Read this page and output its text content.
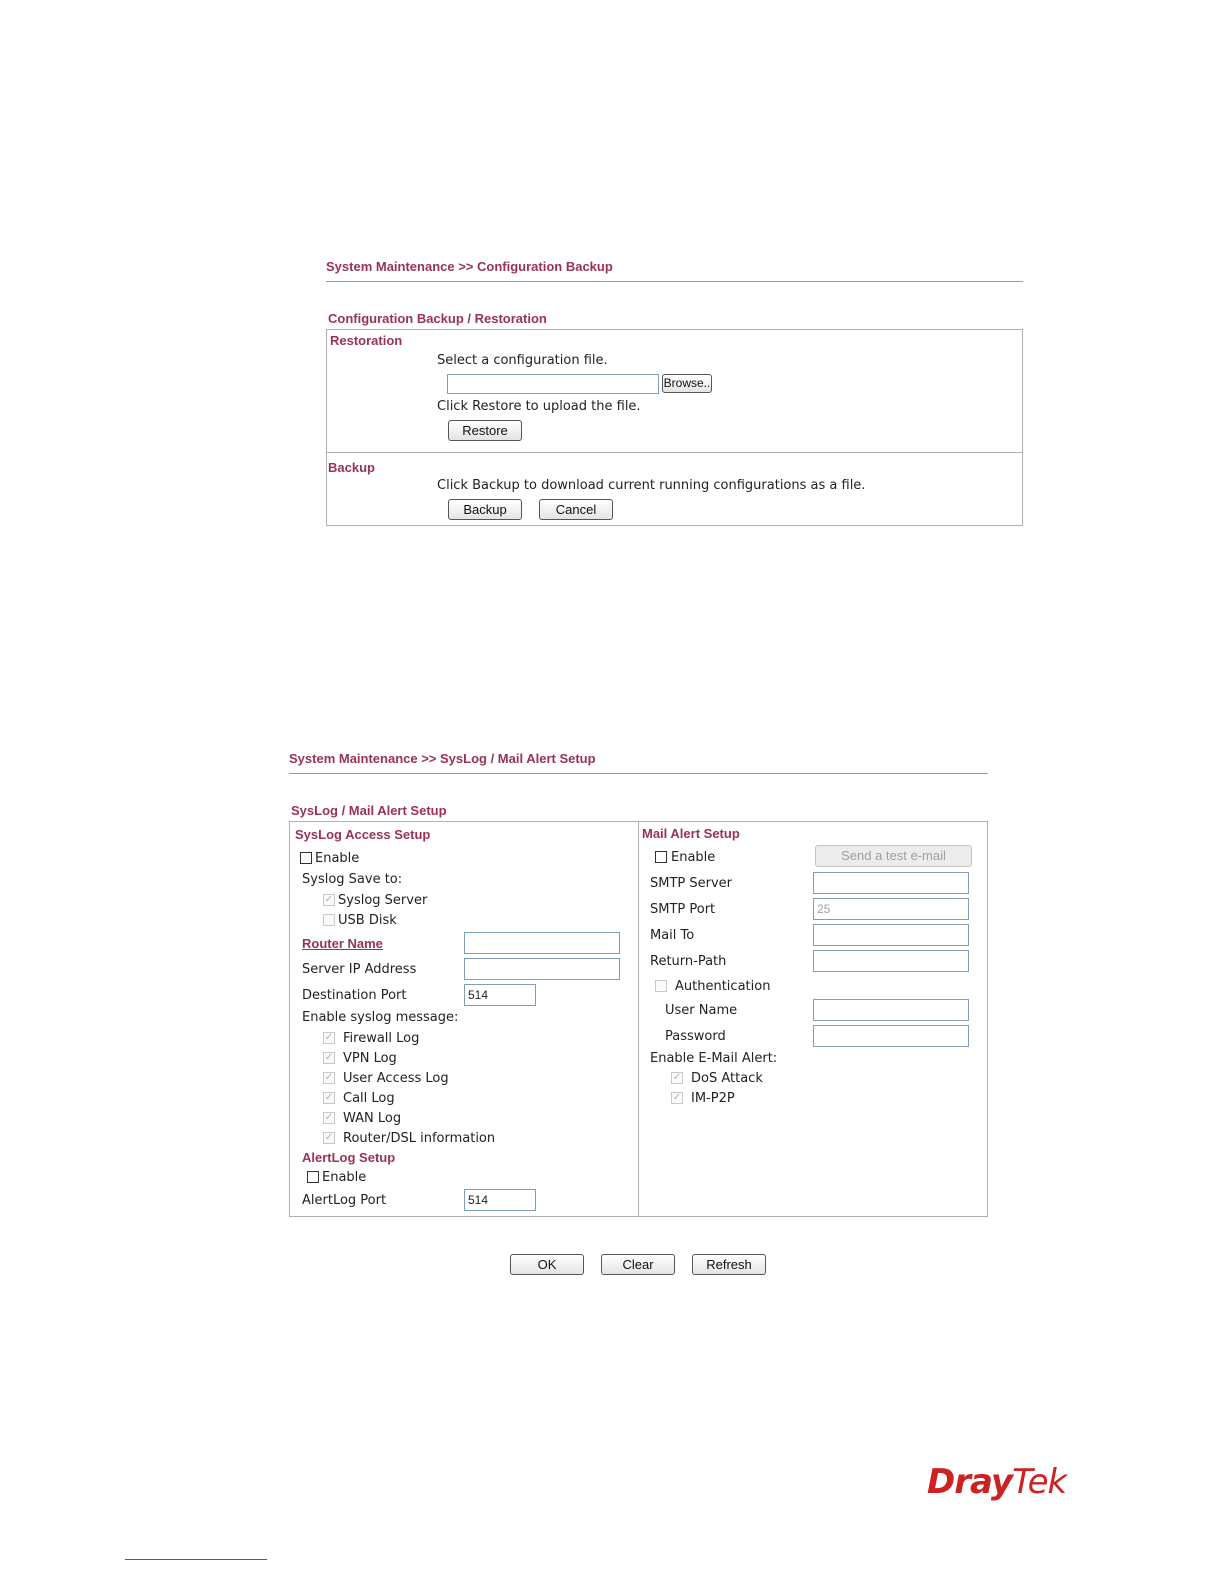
System Maintenance >> Configuration Backup
Configuration Backup / Restoration
Restoration
Select a configuration file.
Browse..
Click Restore to upload the file.
Restore
Backup
Click Backup to download current running configurations as a file.
Backup	Cancel
System Maintenance >> SysLog / Mail Alert Setup
SysLog / Mail Alert Setup
SysLog Access Setup
Enable
Syslog Save to:
✓ Syslog Server
USB Disk
Router Name
Server IP Address
Destination Port	514
Enable syslog message:
✓ Firewall Log
✓ VPN Log
✓ User Access Log
✓ Call Log
✓ WAN Log
✓ Router/DSL information
AlertLog Setup
Enable
AlertLog Port	514
Mail Alert Setup
Enable	Send a test e-mail
SMTP Server
SMTP Port	25
Mail To
Return-Path
Authentication
User Name
Password
Enable E-Mail Alert:
✓ DoS Attack
✓ IM-P2P
OK	Clear	Refresh
DrayTek
